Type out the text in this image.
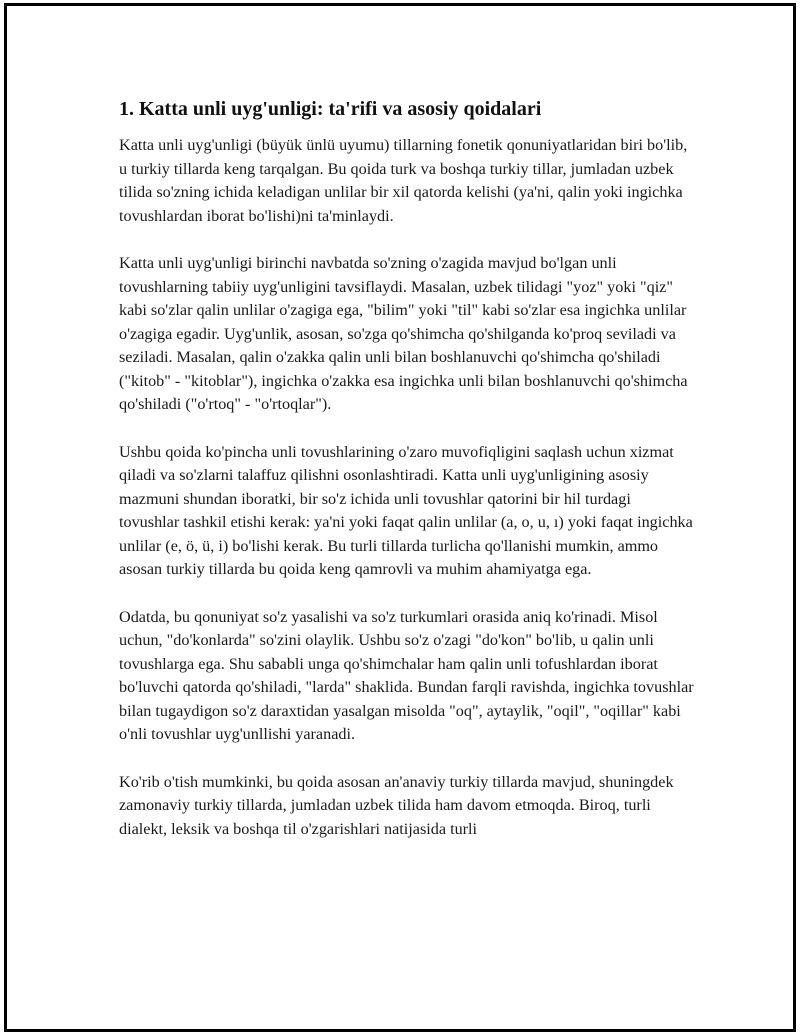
1. Katta unli uyg'unligi: ta'rifi va asosiy qoidalari

Katta unli uyg'unligi (büyük ünlü uyumu) tillarning fonetik qonuniyatlaridan biri bo'lib, u turkiy tillarda keng tarqalgan. Bu qoida turk va boshqa turkiy tillar, jumladan uzbek tilida so'zning ichida keladigan unlilar bir xil qatorda kelishi (ya'ni, qalin yoki ingichka tovushlardan iborat bo'lishi)ni ta'minlaydi.

Katta unli uyg'unligi birinchi navbatda so'zning o'zagida mavjud bo'lgan unli tovushlarning tabiiy uyg'unligini tavsiflaydi. Masalan, uzbek tilidagi "yoz" yoki "qiz" kabi so'zlar qalin unlilar o'zagiga ega, "bilim" yoki "til" kabi so'zlar esa ingichka unlilar o'zagiga egadir. Uyg'unlik, asosan, so'zga qo'shimcha qo'shilganda ko'proq seviladi va seziladi. Masalan, qalin o'zakka qalin unli bilan boshlanuvchi qo'shimcha qo'shiladi ("kitob" - "kitoblar"), ingichka o'zakka esa ingichka unli bilan boshlanuvchi qo'shimcha qo'shiladi ("o'rtoq" - "o'rtoqlar").

Ushbu qoida ko'pincha unli tovushlarining o'zaro muvofiqligini saqlash uchun xizmat qiladi va so'zlarni talaffuz qilishni osonlashtiradi. Katta unli uyg'unligining asosiy mazmuni shundan iboratki, bir so'z ichida unli tovushlar qatorini bir hil turdagi tovushlar tashkil etishi kerak: ya'ni yoki faqat qalin unlilar (a, o, u, ı) yoki faqat ingichka unlilar (e, ö, ü, i) bo'lishi kerak. Bu turli tillarda turlicha qo'llanishi mumkin, ammo asosan turkiy tillarda bu qoida keng qamrovli va muhim ahamiyatga ega.

Odatda, bu qonuniyat so'z yasalishi va so'z turkumlari orasida aniq ko'rinadi. Misol uchun, "do'konlarda" so'zini olaylik. Ushbu so'z o'zagi "do'kon" bo'lib, u qalin unli tovushlarga ega. Shu sababli unga qo'shimchalar ham qalin unli tofushlardan iborat bo'luvchi qatorda qo'shiladi, "larda" shaklida. Bundan farqli ravishda, ingichka tovushlar bilan tugaydigon so'z daraxtidan yasalgan misolda "oq", aytaylik, "oqil", "oqillar" kabi o'nli tovushlar uyg'unllishi yaranadi.

Ko'rib o'tish mumkinki, bu qoida asosan an'anaviy turkiy tillarda mavjud, shuningdek zamonaviy turkiy tillarda, jumladan uzbek tilida ham davom etmoqda. Biroq, turli dialekt, leksik va boshqa til o'zgarishlari natijasida turli
